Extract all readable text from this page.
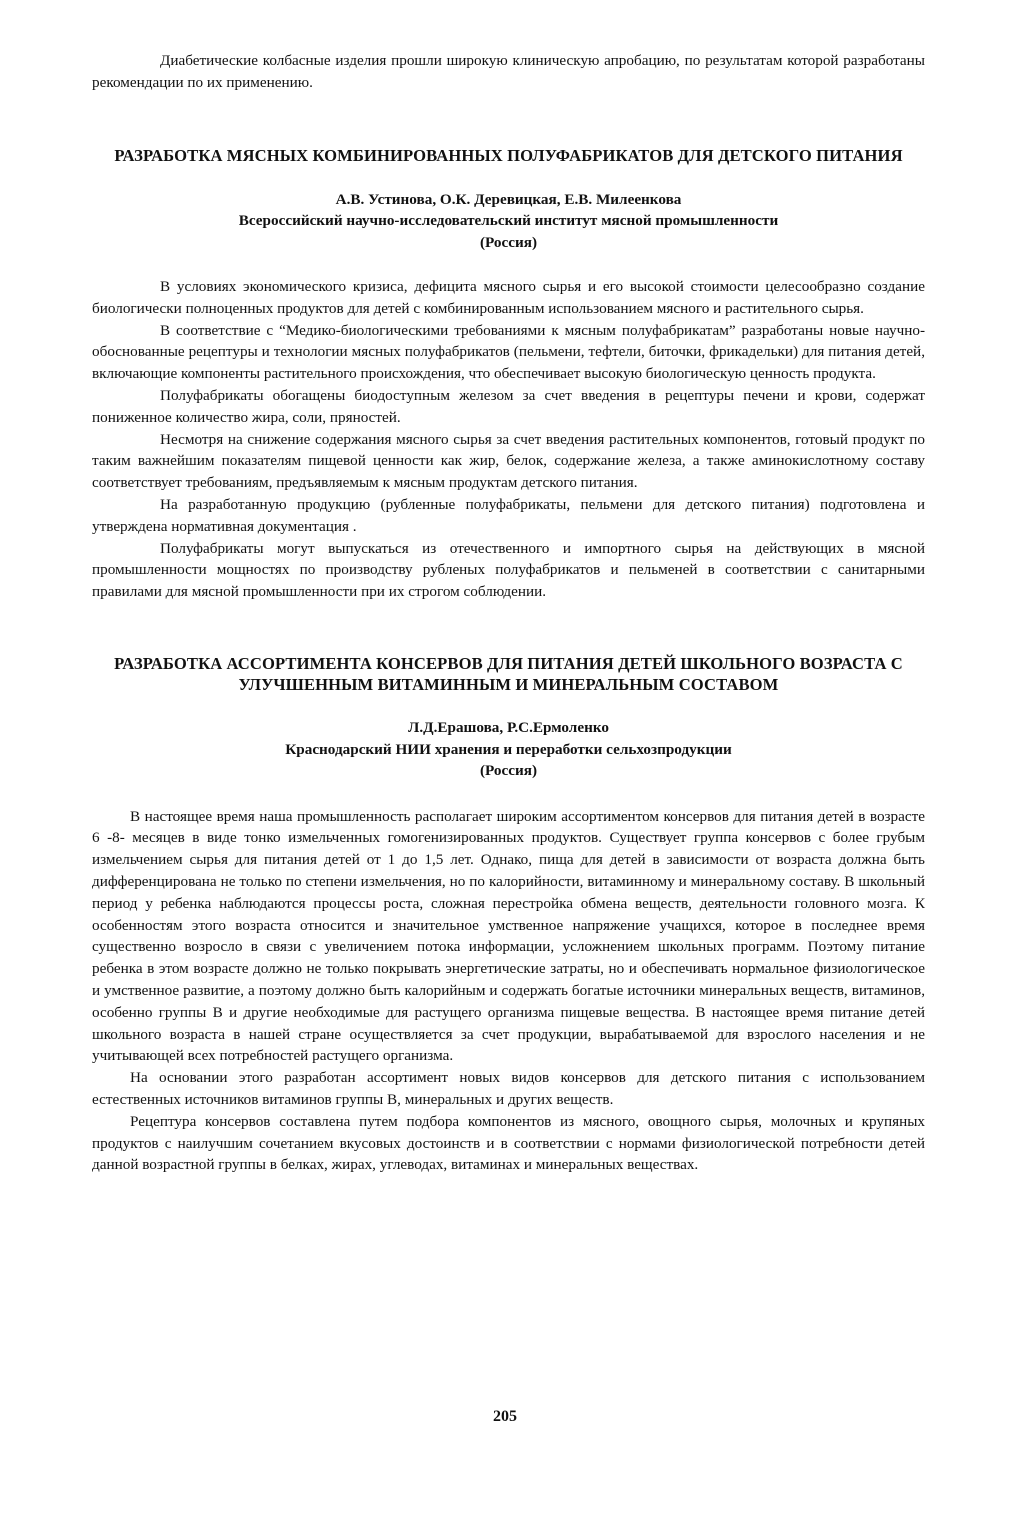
Диабетические колбасные изделия прошли широкую клиническую апробацию, по результатам которой разработаны рекомендации по их применению.

РАЗРАБОТКА МЯСНЫХ КОМБИНИРОВАННЫХ ПОЛУФАБРИКАТОВ ДЛЯ ДЕТСКОГО ПИТАНИЯ
А.В. Устинова, О.К. Деревицкая, Е.В. Милеенкова
Всероссийский научно-исследовательский институт мясной промышленности
(Россия)

В условиях экономического кризиса, дефицита мясного сырья и его высокой стоимости целесообразно создание биологически полноценных продуктов для детей с комбинированным использованием мясного и растительного сырья.

В соответствие с “Медико-биологическими требованиями к мясным полуфабрикатам” разработаны новые научно-обоснованные рецептуры и технологии мясных полуфабрикатов (пельмени, тефтели, биточки, фрикадельки) для питания детей, включающие компоненты растительного происхождения, что обеспечивает высокую биологическую ценность продукта.

Полуфабрикаты обогащены биодоступным железом за счет введения в рецептуры печени и крови, содержат пониженное количество жира, соли, пряностей.

Несмотря на снижение содержания мясного сырья за счет введения растительных компонентов, готовый продукт по таким важнейшим показателям пищевой ценности как жир, белок, содержание железа, а также аминокислотному составу соответствует требованиям, предъявляемым к мясным продуктам детского питания.

На разработанную продукцию (рубленные полуфабрикаты, пельмени для детского питания) подготовлена и утверждена нормативная документация .

Полуфабрикаты могут выпускаться из отечественного и импортного сырья на действующих в мясной промышленности мощностях по производству рубленых полуфабрикатов и пельменей в соответствии с санитарными правилами для мясной промышленности при их строгом соблюдении.

РАЗРАБОТКА АССОРТИМЕНТА КОНСЕРВОВ ДЛЯ ПИТАНИЯ ДЕТЕЙ ШКОЛЬНОГО ВОЗРАСТА С УЛУЧШЕННЫМ ВИТАМИННЫМ И МИНЕРАЛЬНЫМ СОСТАВОМ
Л.Д.Ерашова, Р.С.Ермоленко
Краснодарский НИИ хранения и переработки сельхозпродукции
(Россия)

В настоящее время наша промышленность располагает широким ассортиментом консервов для питания детей в возрасте 6 -8- месяцев в виде тонко измельченных гомогенизированных продуктов. Существует группа консервов с более грубым измельчением сырья для питания детей от 1 до 1,5 лет. Однако, пища для детей в зависимости от возраста должна быть дифференцирована не только по степени измельчения, но по калорийности, витаминному и минеральному составу. В школьный период у ребенка наблюдаются процессы роста, сложная перестройка обмена веществ, деятельности головного мозга. К особенностям этого возраста относится и значительное умственное напряжение учащихся, которое в последнее время существенно возросло в связи с увеличением потока информации, усложнением школьных программ. Поэтому питание ребенка в этом возрасте должно не только покрывать энергетические затраты, но и обеспечивать нормальное физиологическое и умственное развитие, а поэтому должно быть калорийным и содержать богатые источники минеральных веществ, витаминов, особенно группы В и другие необходимые для растущего организма пищевые вещества. В настоящее время питание детей школьного возраста в нашей стране осуществляется за счет продукции, вырабатываемой для взрослого населения и не учитывающей всех потребностей растущего организма.

На основании этого разработан ассортимент новых видов консервов для детского питания с использованием естественных источников витаминов группы В, минеральных и других веществ.

Рецептура консервов составлена путем подбора компонентов из мясного, овощного сырья, молочных и крупяных продуктов с наилучшим сочетанием вкусовых достоинств и в соответствии с нормами физиологической потребности детей данной возрастной группы в белках, жирах, углеводах, витаминах и минеральных веществах.

205
